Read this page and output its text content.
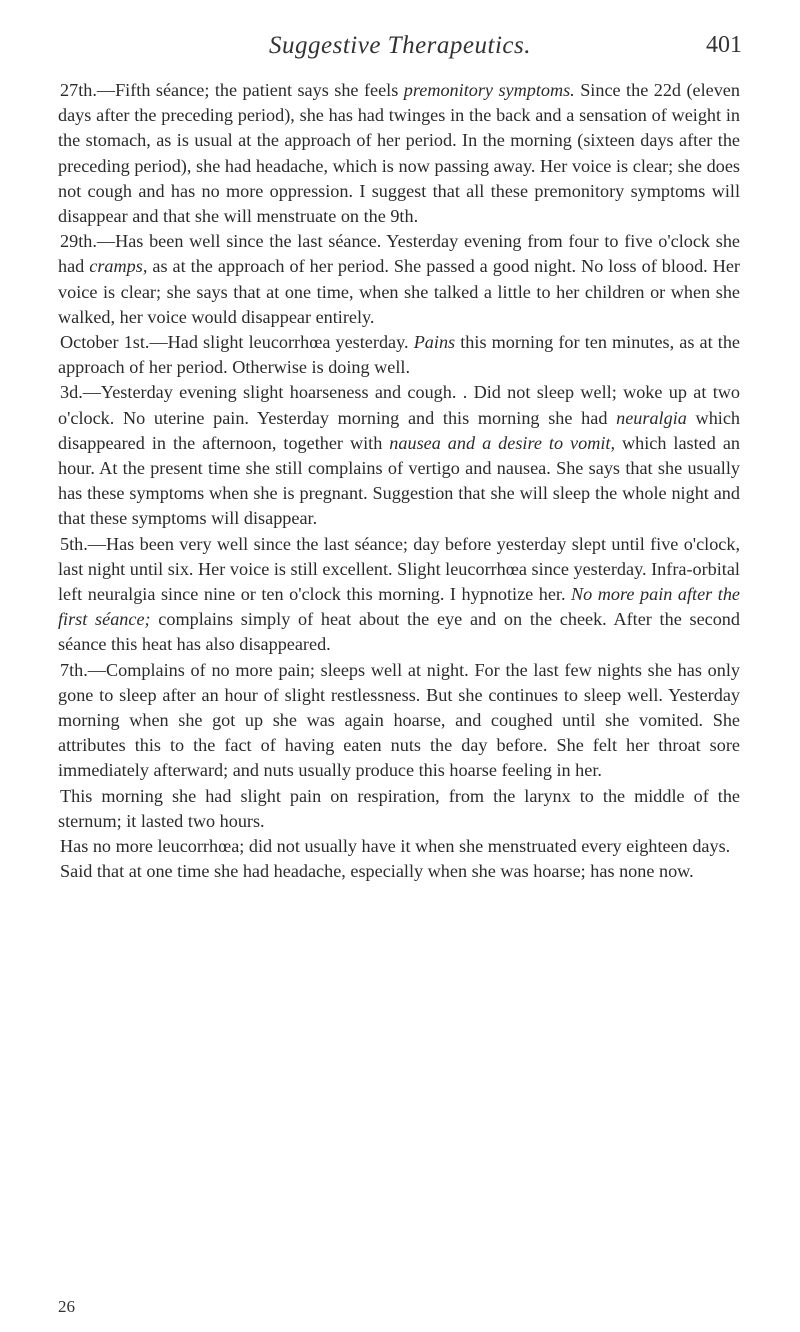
Suggestive Therapeutics.	401

27th.—Fifth séance; the patient says she feels premonitory symptoms. Since the 22d (eleven days after the preceding period), she has had twinges in the back and a sensation of weight in the stomach, as is usual at the approach of her period. In the morning (sixteen days after the preceding period), she had headache, which is now passing away. Her voice is clear; she does not cough and has no more oppression. I suggest that all these premonitory symptoms will disappear and that she will menstruate on the 9th.

29th.—Has been well since the last séance. Yesterday evening from four to five o'clock she had cramps, as at the approach of her period. She passed a good night. No loss of blood. Her voice is clear; she says that at one time, when she talked a little to her children or when she walked, her voice would disappear entirely.

October 1st.—Had slight leucorrhœa yesterday. Pains this morning for ten minutes, as at the approach of her period. Otherwise is doing well.

3d.—Yesterday evening slight hoarseness and cough. . Did not sleep well; woke up at two o'clock. No uterine pain. Yesterday morning and this morning she had neuralgia which disappeared in the afternoon, together with nausea and a desire to vomit, which lasted an hour. At the present time she still complains of vertigo and nausea. She says that she usually has these symptoms when she is pregnant. Suggestion that she will sleep the whole night and that these symptoms will disappear.

5th.—Has been very well since the last séance; day before yesterday slept until five o'clock, last night until six. Her voice is still excellent. Slight leucorrhœa since yesterday. Infra-orbital left neuralgia since nine or ten o'clock this morning. I hypnotize her. No more pain after the first séance; complains simply of heat about the eye and on the cheek. After the second séance this heat has also disappeared.

7th.—Complains of no more pain; sleeps well at night. For the last few nights she has only gone to sleep after an hour of slight restlessness. But she continues to sleep well. Yesterday morning when she got up she was again hoarse, and coughed until she vomited. She attributes this to the fact of having eaten nuts the day before. She felt her throat sore immediately afterward; and nuts usually produce this hoarse feeling in her.

This morning she had slight pain on respiration, from the larynx to the middle of the sternum; it lasted two hours.

Has no more leucorrhœa; did not usually have it when she menstruated every eighteen days.

Said that at one time she had headache, especially when she was hoarse; has none now.

26
